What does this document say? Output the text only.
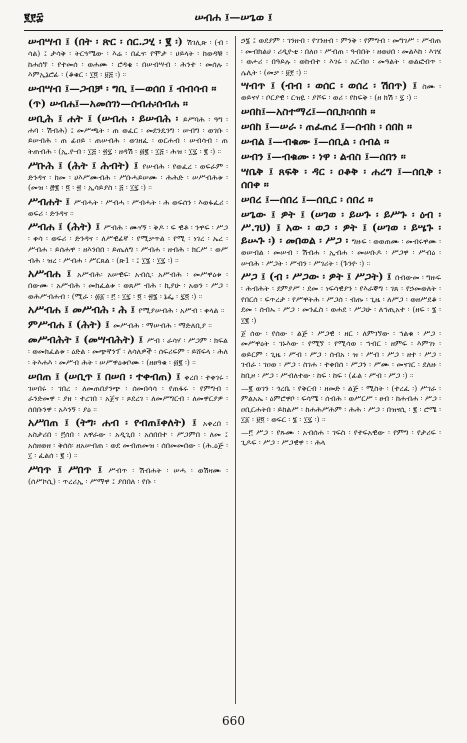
፪፻፰	ሠብሐ ፤—ሠጌወ ፤
ሠብሣብ ፤ (በት ፡ ጽር ፡ ሰር.ጋሂ ፡ ፪ ፡) ሽገሊጽ ፡ (ብ ፡ ሳል) ፤ ታሳቅ ፡ ትርጓሜው ፡ እሬ ፡ በፈና፡ የሞታ ፡ ሀይላት ፡ ከወዳቹ ፡ ከሐሰኘ ፡ የተመሰ ፡ ወሐሙ ፡ ሮዳቄ ፡ በሠብሣብ ፡ ሕንተ ፡ መሰሉ ፡ እምኢኔሮፊ ፡ (ቆቁር ፡ ፲፬ ፡ ፱፭ ፡) ።
ሠብሣብ ፤—ጋብቻ ፡ ግቢ ፤—ወሰበ ፤ ብብሳብ ።
(ጥ) ሠብሐ፤—አመሰገነ—ሰብሐ፡ሰብሐ ።
ሠቢሕ ፤ ሐት ፤ (ሠብሐ ፡ ይሠብሕ ፡ ይሥባሕ ፡ ዓግ ፡ ሐባ ፡ ሽብሕ) ፤ መሥጫት ፡ ጠ ወፈር ፡ መደንዴንግ ፡ ሠብግ ፡ ወገቡ ፡ ይሠብሕ ፡ ጠ ፊዐይ ፡ ጠሠብሕ ፡ ወገዘፈ ፡ ወርሐብ ፡ ሠብሳብ ፡ ጠ ትጠብሕ ፡ (ኢ.ዮብ ፡ ፲፭ ፡ ፳፯ ፡ ዘዳሽ ፡ ፴፪ ፡ ፲፭ ፡ ሕዝ ፡ ፲፯ ፡ ፪ ፡) ።
ሥቡሕ ፤ (ሕት ፤ ሕብት) ፤ የሠብሕ ፡ የወፈረ ፡ ወፍራም ፡ ድንዳና ፡ ከመ ፡ ሀእሥሙብሕ ፡ ሥቡሓይሠሙ ፡ ሕሕድ ፡ ሠሥብሕቱ ፡ (መዝ ፡ ፸፪ ፡ ፬ ፡ ፳ ፡ ኢሳይያስ ፡ ፭ ፡ ፲፯ ፡) ።
ሥብሐት ፤ ሥብሓት ፡ ሥብሓ ፡ ሥብሓት ፡ ሕ ወፍሰን ፡ እወፋፈሪ ፡ ወፍሪ ፡ ድንዳና ።
ሥብሐ ፤ (ሕት) ፤ ሥብሕ ፡ ሙሃኝ ፡ ቅዶ ፡ ፍ ዊቶ ፡ ንዋፍ ፡ ሥጋ ፡ ቀሳ ፡ ወፍሪ ፡ ድንዳና ፡ ለሥዊፊኛ ፡ የሚቃጥል ፡ የሚ ፡ ነገረ ፡ ኤረ ፡ ሥብሐ ፡ ይሰሐዋ ፡ ዘእንበበ ፡ ይጤለግ ፡ ሥብሐ ፡ ዘብሕ ፡ ክርሥ ፡ ወሥ ብሕ ፡ ዝረ ፡ ሥብሐ ፡ ሥርጸል ፡ (ጽ1 ፡ ፤ ፲፮ ፡ ፲፯ ፡) ።
አሥብሐ ፤ አሥብሕ፡ አሠዊፍ፡ አብሲ፡ አሥብሕ ፡ መሥዋዕቱ ፡ በውሙ ፡ አሥብሕ ፡ መክፈልቱ ፡ ወጸሥ ብሕ ፡ ኪያሁ ፡ አወን ፡ ሥጋ ፡ ወሕሥብሐብ ፡ (ሚራ ፡ ፴፩ ፡ ፫ ፡ ፲፯ ፡ ፬ ፡ ፳፮ ፡ ኔፌ ፡ ፯፬ ፡) ።
አሥብሐ ፤ መሥብሕ ፡ ሕ ፤ የሚያሠብሕ ፡ አሥብ ፡ ቀላል ።
ምሥብሐ ፤ (ሕት) ፤ መሥብሕ ፡ ማሠብሕ ፡ ማድለቢያ ።
መሥብሕት ፤ (መሣብሕት) ፤ ሥብ ፡ ራሳሃ ፡ ሥጋም ፡ ክፍል ፡ ወመክፈልቱ ፡ ዕድል ፡ መጭኛንፕ ፡ ለሳለዎች ፡ ሰፍሪፍም ፡ ይሸፍላ ፡ ሕለ ፡ ትእሐእ ፡ መሥብ ሕት ፡ ሠሥዋዕቱቦሙ ፡ (ዘፀዓቁ ፡ ፴፪ ፡) ።
ሠበጠ ፤ (ሠቢጥ ፤ በሠበ ፡ ተቀብጠ) ፤ ቀረበ ፡ ተቀገሩ ፡ ገሠበሩ ፡ ገበረ ፡ ለመጠበያንጭ ፡ ሰመበሳሳ ፡ የጠፋሩ ፡ የምግብ ፡ ራንድመዋ ፡ ያዘ ፡ ተረገበ ፡ አጀና ፡ ጾደረገ ፡ ለመሥግርብ ፡ ለመዋርያዎ ፡ ሰበቡንዋ ፡ አእንኝ ፡ ያዕ ።
አሥበጠ ፤ (ትግ፡ ሐብ ፡ የብጠ፤ቀለት) ፤ አቀረበ ፡ አስታሪበ ፡ ፫ሰበ ፡ አዋራው ፡ አዲጊበ ፡ አሰበበተ ፡ ሥጋምበ ፡ ለመ ፤ አሰዘወዘ ፡ ቅሰሰ፡ ዘአሠብጠ ፡ ወደ መብጠመዝ ፡ ሰበመመበው ፡ (ሕ.ዕጅ ፡ ፲ ፡ ፈልሰ ፡ ፪ ፡) ።
ሥባጥ ፤ ሥበጥ ፤ ሥብጥ ፡ ሽብሐት ፡ ሠሓ ፡ ወሽዛሙ ፡ (ሰሥኮሲ) ፡ ጥረሪኢ ፡ ሥማዋ ፤ ያበበለ ፡ የቡ ፡
ኃ፮ ፤ ወደያም ፡ ገንዘብ ፡ የገንዘብ ፡ ምንቅ ፡ የምግብ ፡ መግገሥ ፡ ሥብጠ ፡ መብክልሀ ፡ ሪዲዮቲ ፡ በለዐ ፡ ሥብጠ ፡ ዓብበት ፡ ዘወሀበ ፡ መልእከ ፡ እገሄ ፡ ወሖሪ ፡ በዓይሉ ፡ ወከብተ ፡ እገሩ ፡ አርብዐ ፡ መዓልት ፡ ወልፎብጥ ፡ ሌሊት ፡ (መቃ ፡ ፱፻ ፡) ።
ሣብጥ ፤ (ብብ ፡ ወሰር ፡ ወሰረ ፡ ሽበጥ) ፤ ስሙ ፡ ወይናሃ ፡ ቦርያዊ ፡ ርዝዬ ፡ ያሾፍ ፡ ወሪ ፡ የከፍቅ ፡ (ዘ ክሽ ፡ ፯ ፡) ።
ሠበከ፤—አስተማረ፤—ሰቢክ፡ሰበከ ።
ሠበከ ፤—ሠራ ፡ ጠፈጠረ ፤—ሰብከ ፡ ሰበከ ።
ሠብል ፤—ብቁሙ ፤—ሰቢል ፡ ሰብል ።
ሠብን ፤—ብቁሙ ፡ ነዋ ፡ ልብስ ፤—ሰበን ።
ሣቤቅ ፤ ጸፍቅ ፡ ዳር ፡ ዐቆቅ ፡ ሐረግ ፤—ሰቢቅ ፡ ሰበቀ ።
ሠበረ ፤—ሰበረ ፤—ሰቢር ፡ ሰበረ ።
ሠጌው ፤ ዎት ፤ (ሠገወ ፡ ይሠጉ ፡ ይሥጉ ፡ ዕብ ፡ ሥ.ገህ) ፤ አው ፡ ወጋ ፡ ዎት ፤ (ሠገወ ፡ ይሤጉ ፡ ይሡጉ ፡) ፡ መበወል ፡ ሥጋ ፡ ግዙፍ ፡ ወወጠሙ ፡ መብሩዋሙ ፡ ወሠብል ፡ መሠብ ፡ ሽብሐ ፡ ኢብሐ ፡ መሠቡዶ ፡ ሥጋዋ ፡ ሥብዕ ፡ ሠብሕ ፡ ሥጋት ፡ ሥብን ፡ ሥገሪት ፡ (ጉንዮ ፡) ።
ሥጋ ፤ (ብ ፡ ሥጋው ፡ ዎት ፤ ሥጋት) ፤ በብውመ ፡ ግዙፍ ፡ ሕብሕት ፡ ደምያሥ ፡ ደመ ፡ ነፍሳዊያን ፡ የእራኞግ ፡ ገጸ ፡ የኃመወለት ፡ የበርሰ ፡ ፍጥረታ ፡ የሥዋትሕ ፡ ሥጋሰ ፡ ብጡ ፡ ጊዜ ፡ ለሥጋ ፡ ወዘሥደቆ ፡ ደመ ፡ ሰብኡ ፡ ሥጋ ፡ መንፈስ ፡ ወሐደ ፡ ሥጋሁ ፡ ለኅጢአተ ፡ (ዘፍ ፡ ፮ ፡ ፲፪ ፡)
ጀ ሰው ፡ የሰው ፡ ልጅ ፡ ሥጋዊ ፡ ዘር ፡ ለምገኘው ፡ ኅልቁ ፡ ሥጋ ፡ መሥዋዕት ፡ ገኑእው ፡ የሚኘ ፡ የሚሳወ ፡ ኀብር ፡ ዘምፍ ፡ እምገነ ፡ ወይርም ፡ ጊዜ ፡ ሥብ ፡ ሥጋ ፡ ሰብአ ፡ ዝ ፡ ሥብ ፡ ሥጋ ፡ ዘተ ፡ ሥጋ ፡ ገብራ ፡ ገዐወ ፡ ሥጋ ፡ ስገሐ ፡ ተቀበሰ ፡ ሥጋን ፡ ሥሙ ፡ መናገር ፡ ደለዙ ፡ ከቢዞ ፡ ሥጋ ፡ ሥብለተው ፡ ከፍ ፡ ከፍ ፡ (ፊል ፡ ሥብ ፡ ሥጋ ፡) ።
—፪ ወገን ፡ ጎረቤ ፡ የቅርብ ፡ ዘመድ ፡ ልጅ ፡ ሚስት ፡ (ተረፈ ፡) ሥገራ ፡ ምልአኤ ፡ ዕምሮዋቦ ፡ ፍሳሜ ፡ ሰብሕ ፡ ወሥርሥ ፡ ፀብ ፡ ከሐብሐ ፡ ሥጋ ፡ ዐቢርሐትበ ፡ ይከልሥ ፡ ከሐሕሥሕም ፡ ሕሕ ፡ ሥጋ ፡ በዝናሲ ፡ ፪ ፡ ሮሜ ፡ ፲፩ ፡ ፱፬ ፡ ወፍር ፡ ፮ ፡ ፲፯ ፡) ።
—፫ ሥጋ ፡ የጹሙ ፡ አብሰሐ ፡ ገፍስ ፡ የተፍአዊው ፡ የምግ ፡ የታሪፍ ፡ ጊዶፍ ፡ ሥጋ ፡ ሥጋዊዋ ፡ ፡ ሕላ
660
